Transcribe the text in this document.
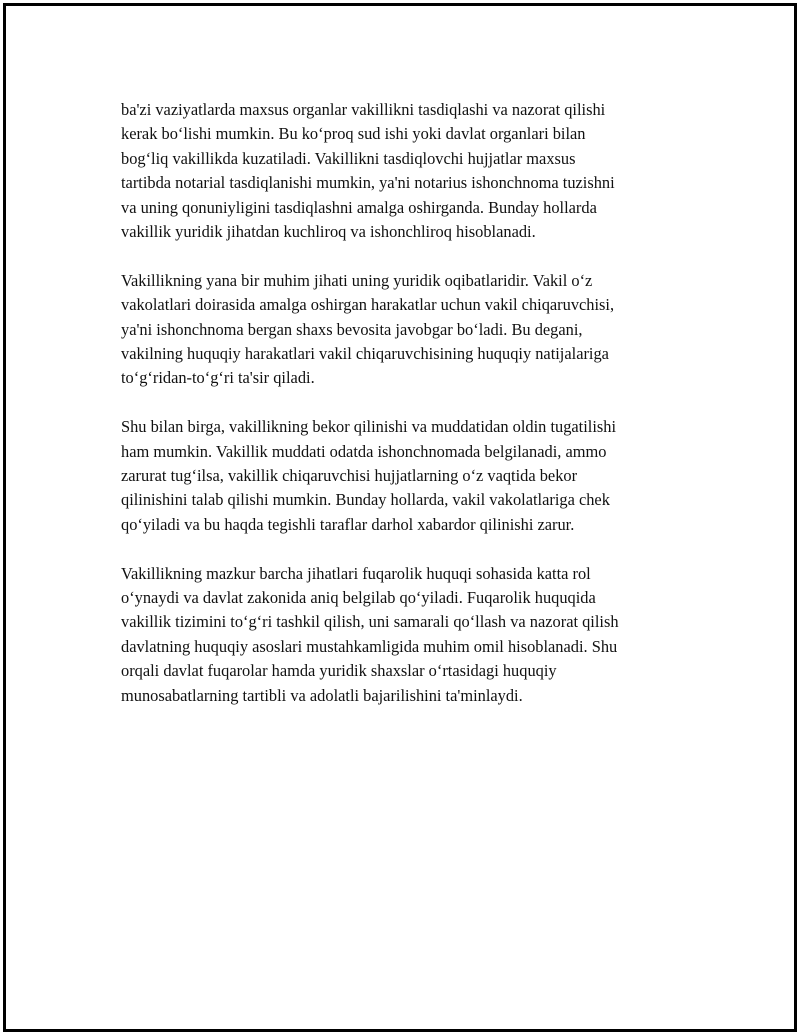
ba'zi vaziyatlarda maxsus organlar vakillikni tasdiqlashi va nazorat qilishi
kerak bo‘lishi mumkin. Bu ko‘proq sud ishi yoki davlat organlari bilan
bog‘liq vakillikda kuzatiladi. Vakillikni tasdiqlovchi hujjatlar maxsus
tartibda notarial tasdiqlanishi mumkin, ya'ni notarius ishonchnoma tuzishni
va uning qonuniyligini tasdiqlashni amalga oshirganda. Bunday hollarda
vakillik yuridik jihatdan kuchliroq va ishonchliroq hisoblanadi.

Vakillikning yana bir muhim jihati uning yuridik oqibatlaridir. Vakil o‘z
vakolatlari doirasida amalga oshirgan harakatlar uchun vakil chiqaruvchisi,
ya'ni ishonchnoma bergan shaxs bevosita javobgar bo‘ladi. Bu degani,
vakilning huquqiy harakatlari vakil chiqaruvchisining huquqiy natijalariga
to‘g‘ridan-to‘g‘ri ta'sir qiladi.

Shu bilan birga, vakillikning bekor qilinishi va muddatidan oldin tugatilishi
ham mumkin. Vakillik muddati odatda ishonchnomada belgilanadi, ammo
zarurat tug‘ilsa, vakillik chiqaruvchisi hujjatlarning o‘z vaqtida bekor
qilinishini talab qilishi mumkin. Bunday hollarda, vakil vakolatlariga chek
qo‘yiladi va bu haqda tegishli taraflar darhol xabardor qilinishi zarur.

Vakillikning mazkur barcha jihatlari fuqarolik huquqi sohasida katta rol
o‘ynaydi va davlat zakonida aniq belgilab qo‘yiladi. Fuqarolik huquqida
vakillik tizimini to‘g‘ri tashkil qilish, uni samarali qo‘llash va nazorat qilish
davlatning huquqiy asoslari mustahkamligida muhim omil hisoblanadi. Shu
orqali davlat fuqarolar hamda yuridik shaxslar o‘rtasidagi huquqiy
munosabatlarning tartibli va adolatli bajarilishini ta'minlaydi.
